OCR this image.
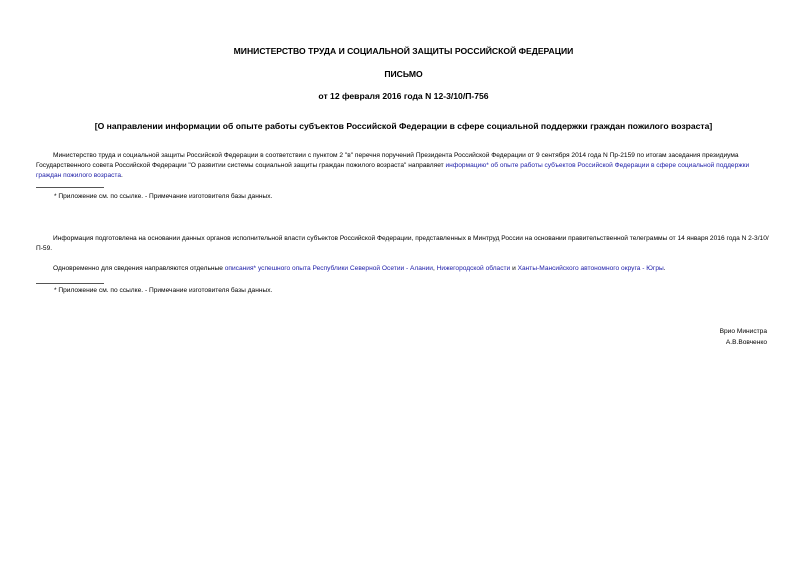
МИНИСТЕРСТВО ТРУДА И СОЦИАЛЬНОЙ ЗАЩИТЫ РОССИЙСКОЙ ФЕДЕРАЦИИ
ПИСЬМО
от 12 февраля 2016 года N 12-3/10/П-756
[О направлении информации об опыте работы субъектов Российской Федерации в сфере социальной поддержки граждан пожилого возраста]

Министерство труда и социальной защиты Российской Федерации в соответствии с пунктом 2 "в" перечня поручений Президента Российской Федерации от 9 сентября 2014 года N Пр-2159 по итогам заседания президиума Государственного совета Российской Федерации "О развитии системы социальной защиты граждан пожилого возраста" направляет информацию* об опыте работы субъектов Российской Федерации в сфере социальной поддержки граждан пожилого возраста.

* Приложение см. по ссылке. - Примечание изготовителя базы данных.

Информация подготовлена на основании данных органов исполнительной власти субъектов Российской Федерации, представленных в Минтруд России на основании правительственной телеграммы от 14 января 2016 года N 2-3/10/П-59.

Одновременно для сведения направляются отдельные описания* успешного опыта Республики Северной Осетии - Алании, Нижегородской области и Ханты-Мансийского автономного округа - Югры.

* Приложение см. по ссылке. - Примечание изготовителя базы данных.
Врио Министра
А.В.Вовченко
